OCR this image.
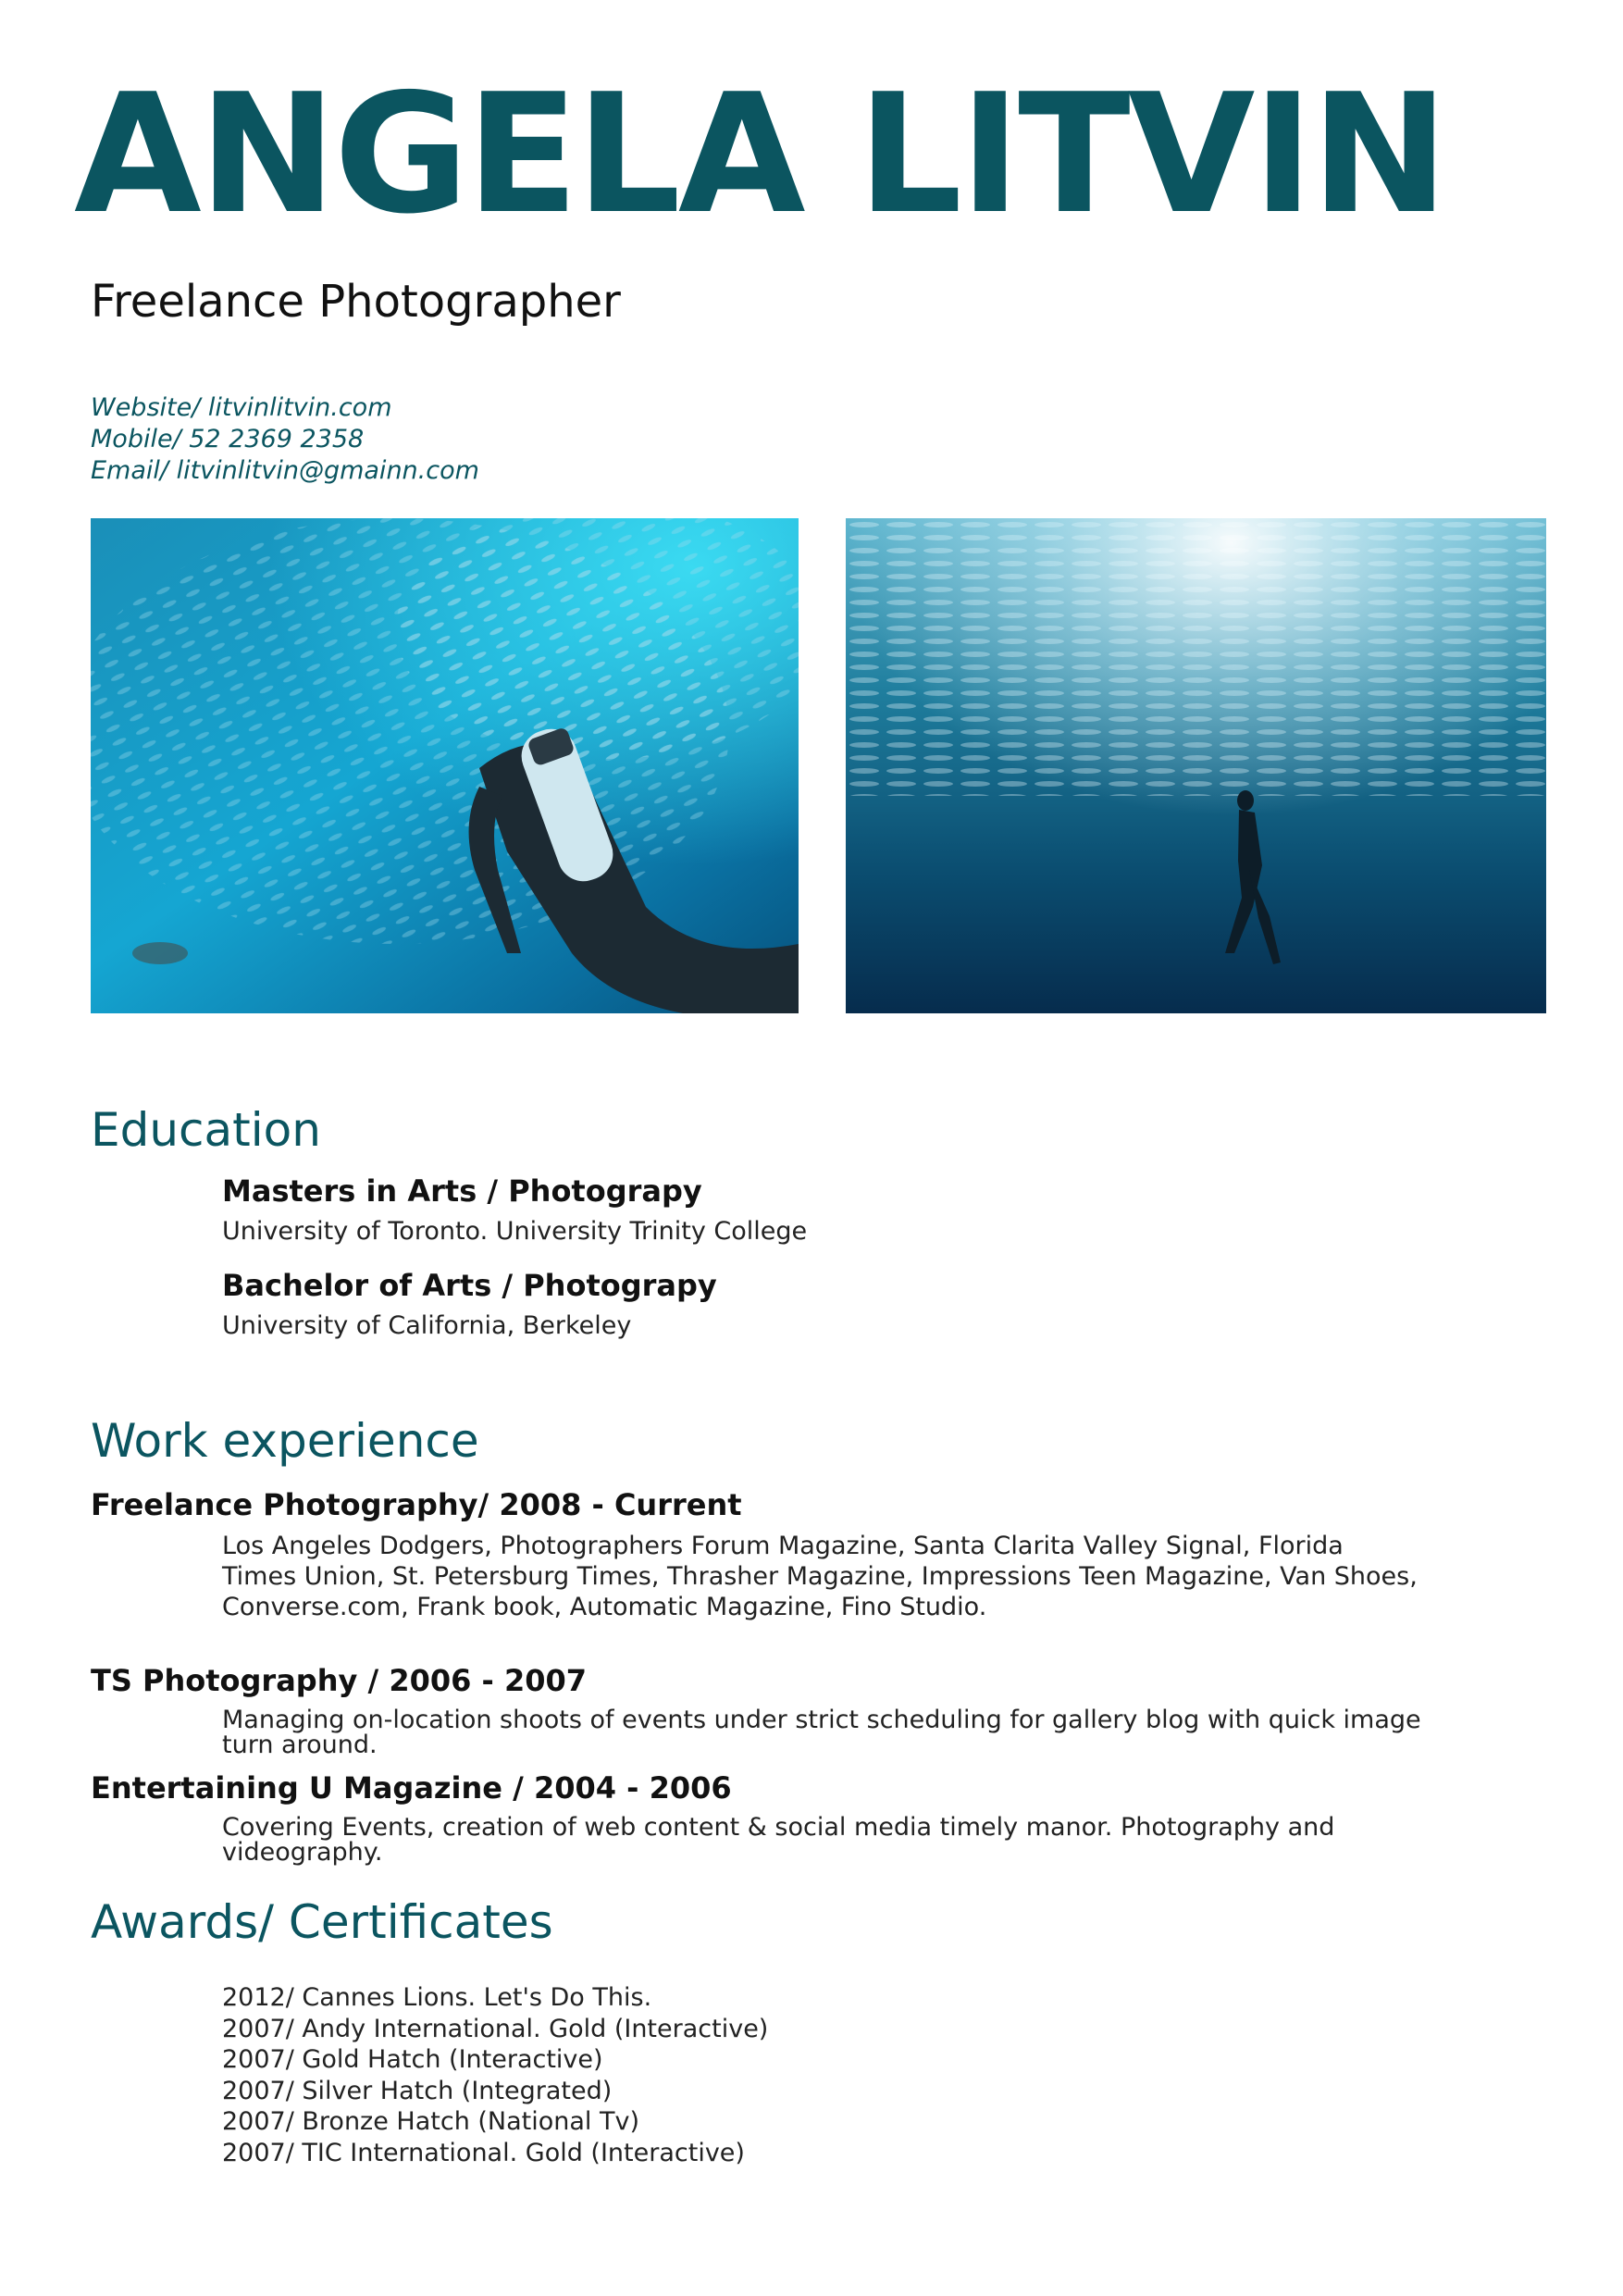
ANGELA LITVIN
Freelance Photographer
Website/ litvinlitvin.com
Mobile/ 52 2369 2358
Email/ litvinlitvin@gmainn.com
Education
Masters in Arts / Photograpy
University of Toronto. University Trinity College
Bachelor of Arts / Photograpy
University of California, Berkeley
Work experience
Freelance Photography/ 2008 - Current
Los Angeles Dodgers, Photographers Forum Magazine, Santa Clarita Valley Signal, Florida Times Union, St. Petersburg Times, Thrasher Magazine, Impressions Teen Magazine, Van Shoes, Converse.com, Frank book, Automatic Magazine, Fino Studio.
TS Photography / 2006 - 2007
Managing on-location shoots of events under strict scheduling for gallery blog with quick image turn around.
Entertaining U Magazine / 2004 - 2006
Covering Events, creation of web content & social media timely manor. Photography and videography.
Awards/ Certificates
2012/ Cannes Lions. Let's Do This.
2007/ Andy International. Gold (Interactive)
2007/ Gold Hatch (Interactive)
2007/ Silver Hatch (Integrated)
2007/ Bronze Hatch (National Tv)
2007/ TIC International. Gold (Interactive)
